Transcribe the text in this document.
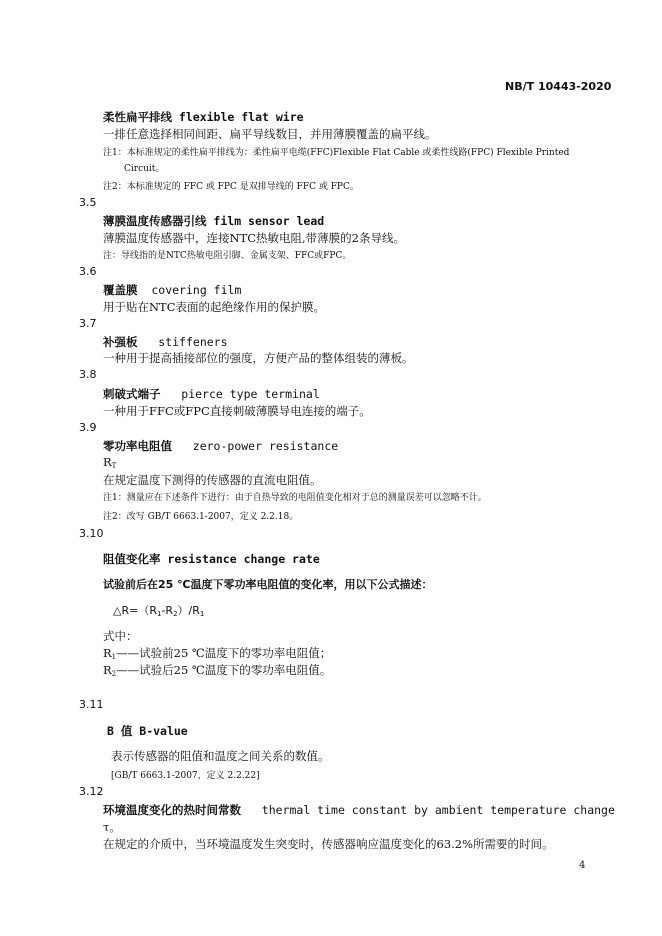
NB/T 10443-2020
柔性扁平排线 flexible flat wire
一排任意选择相同间距、扁平导线数目，并用薄膜覆盖的扁平线。
注1：本标准规定的柔性扁平排线为：柔性扁平电缆(FFC)Flexible Flat Cable 或柔性线路(FPC) Flexible Printed
Circuit。
注2：本标准规定的 FFC 或 FPC 是双排导线的 FFC 或 FPC。
3.5
薄膜温度传感器引线 film sensor lead
薄膜温度传感器中，连接NTC热敏电阻,带薄膜的2条导线。
注：导线指的是NTC热敏电阻引脚、金属支架、FFC或FPC。
3.6
覆盖膜 covering film
用于贴在NTC表面的起绝缘作用的保护膜。
3.7
补强板 stiffeners
一种用于提高插接部位的强度，方便产品的整体组装的薄板。
3.8
刺破式端子 pierce type terminal
一种用于FFC或FPC直接刺破薄膜导电连接的端子。
3.9
零功率电阻值 zero-power resistance
$R_T$
在规定温度下测得的传感器的直流电阻值。
注1：测量应在下述条件下进行：由于自热导致的电阻值变化相对于总的测量误差可以忽略不计。
注2：改写 GB/T 6663.1-2007，定义 2.2.18。
3.10
阻值变化率 resistance change rate
试验前后在25 ℃温度下零功率电阻值的变化率，用以下公式描述：
$\triangle R=(R_1-R_2)/R_1$
式中：
$R_1——$试验前25 ℃温度下的零功率电阻值；
$R_2——$试验后25 ℃温度下的零功率电阻值。
3.11
B 值 B-value
表示传感器的阻值和温度之间关系的数值。
[GB/T 6663.1-2007，定义 2.2.22]
3.12
环境温度变化的热时间常数 thermal time constant by ambient temperature change
τ。
在规定的介质中，当环境温度发生突变时，传感器响应温度变化的63.2%所需要的时间。
4
